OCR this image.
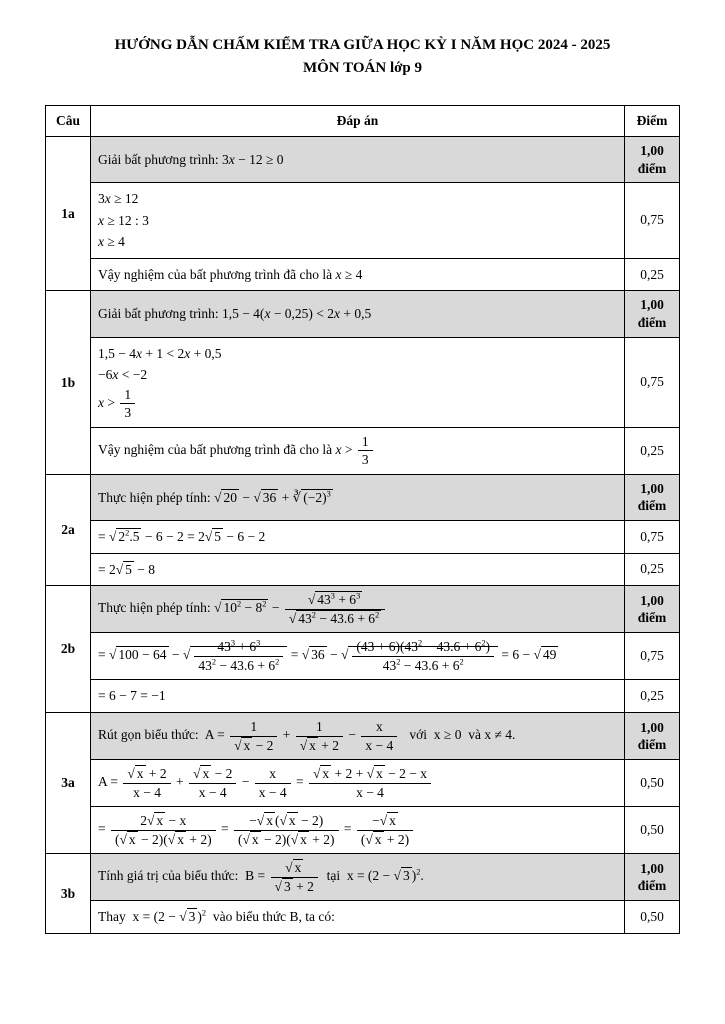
HƯỚNG DẪN CHẤM KIỂM TRA GIỮA HỌC KỲ I NĂM HỌC 2024 - 2025
MÔN TOÁN lớp 9
Câu	Đáp án	Điểm
1a	Giải bất phương trình: 3x − 12 ≥ 0	1,00 điểm
	3x ≥ 12
x ≥ 12 : 3
x ≥ 4	0,75
	Vậy nghiệm của bất phương trình đã cho là x ≥ 4	0,25
1b	Giải bất phương trình: 1,5 − 4(x − 0,25) < 2x + 0,5	1,00 điểm
	1,5 − 4x + 1 < 2x + 0,5
−6x < −2
$x > \frac{1}{3}$	0,75
	Vậy nghiệm của bất phương trình đã cho là $x > \frac{1}{3}$	0,25
2a	Thực hiện phép tính: √ 20 − √ 36 + ∛ $(-2)^3$	1,00 điểm
	= √ $2^2.5 - 6 - 2 = 2$ √ 5 − 6 − 2	0,75
	= 2 √ 5 − 8	0,25
2b	Thực hiện phép tính: √ $10^2 - 8^2$ − √ $43^3 + 6^3$
√ $43^2 - 43.6 + 6^2$	1,00 điểm
= √ 100 − 64 − √ $\frac{43^3 + 6^3}{43^2 - 43.6 + 6^2}$ = √ 36 − √ $\frac{(43 + 6)(43^2 - 43.6 + 6^2)}{43^2 - 43.6 + 6^2} = 6$ − √ 49	0,75
	= 6 − 7 = −1	0,25
3a	Rút gọn biểu thức:  A = 1
√ x − 2 + 1
√ $x + 2 - \frac{x}{x - 4}$ với  x ≥ 0  và x ≠ 4.	1,00 điểm
A = √ $\frac{x + 2}{x - 4}$ + √ $\frac{x - 2}{x - 4} - \frac{x}{x - 4}$ = √ $\frac{x + 2 + √ x - 2 - x}{x - 4}$	0,50
= $\frac{2 √ x - x}{( √ x - 2)( √ x + 2)} = \frac{- √ x ( √ x - 2)}{( √ x - 2)( √ x + 2)} = \frac{- √ x}{( √ x + 2)}$	0,50
3b	Tính giá trị của biểu thức:  B = √ x
√ 3 + 2 tại  x = (2 − √ 3 )$^2$.	1,00 điểm
	Thay  x = (2 − √ 3 )$^2$  vào biểu thức B, ta có:	0,50
